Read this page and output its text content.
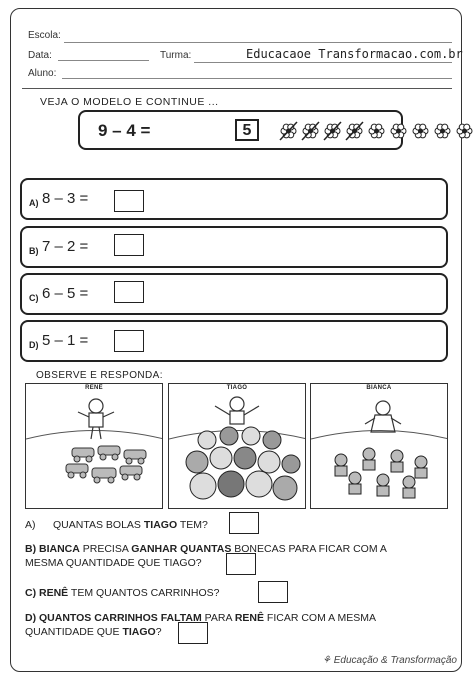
Escola:
Data:	Turma:	Educacaoe Transformacao.com.br
Aluno:
VEJA O MODELO E CONTINUE ...
9 – 4 =	5
A) 8 – 3 =
B) 7 – 2 =
C) 6 – 5 =
D) 5 – 1 =
OBSERVE E RESPONDA:
RENÊ	TIAGO	BIANCA
A) QUANTAS BOLAS TIAGO TEM?
B) BIANCA PRECISA GANHAR QUANTAS BONECAS PARA FICAR COM A
MESMA QUANTIDADE QUE TIAGO?
C) RENÊ TEM QUANTOS CARRINHOS?
D) QUANTOS CARRINHOS FALTAM PARA RENÊ FICAR COM A MESMA
QUANTIDADE QUE TIAGO?
⚘ Educação & Transformação
